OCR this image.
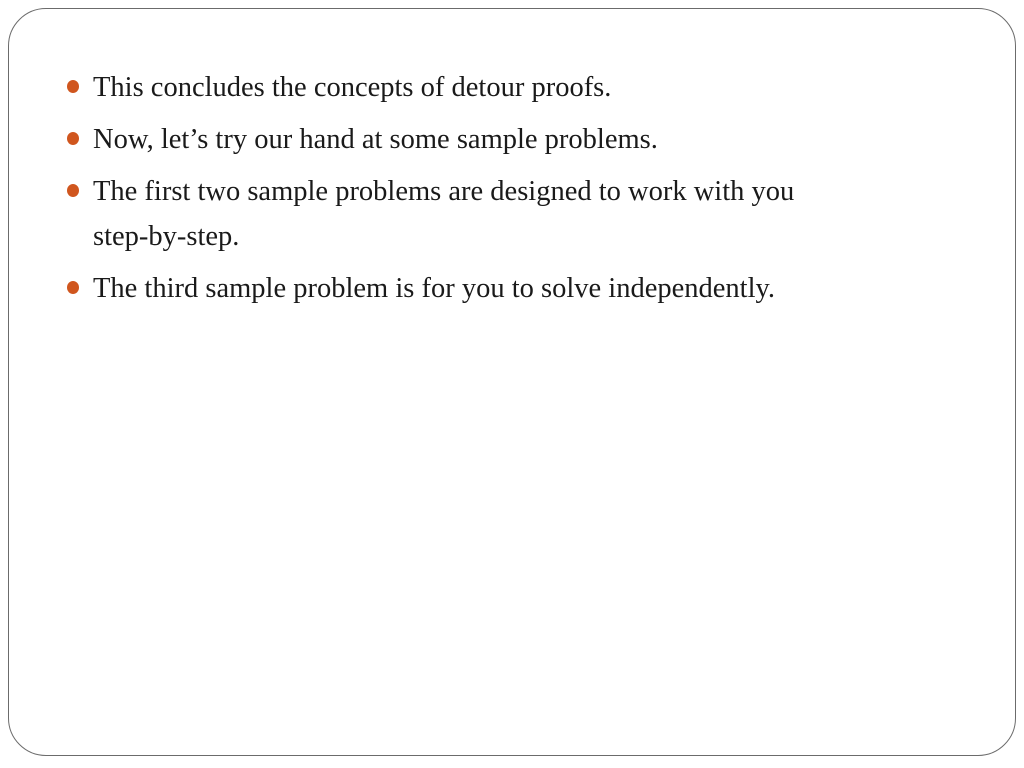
This concludes the concepts of detour proofs.
Now, let’s try our hand at some sample problems.
The first two sample problems are designed to work with you step-by-step.
The third sample problem is for you to solve independently.
